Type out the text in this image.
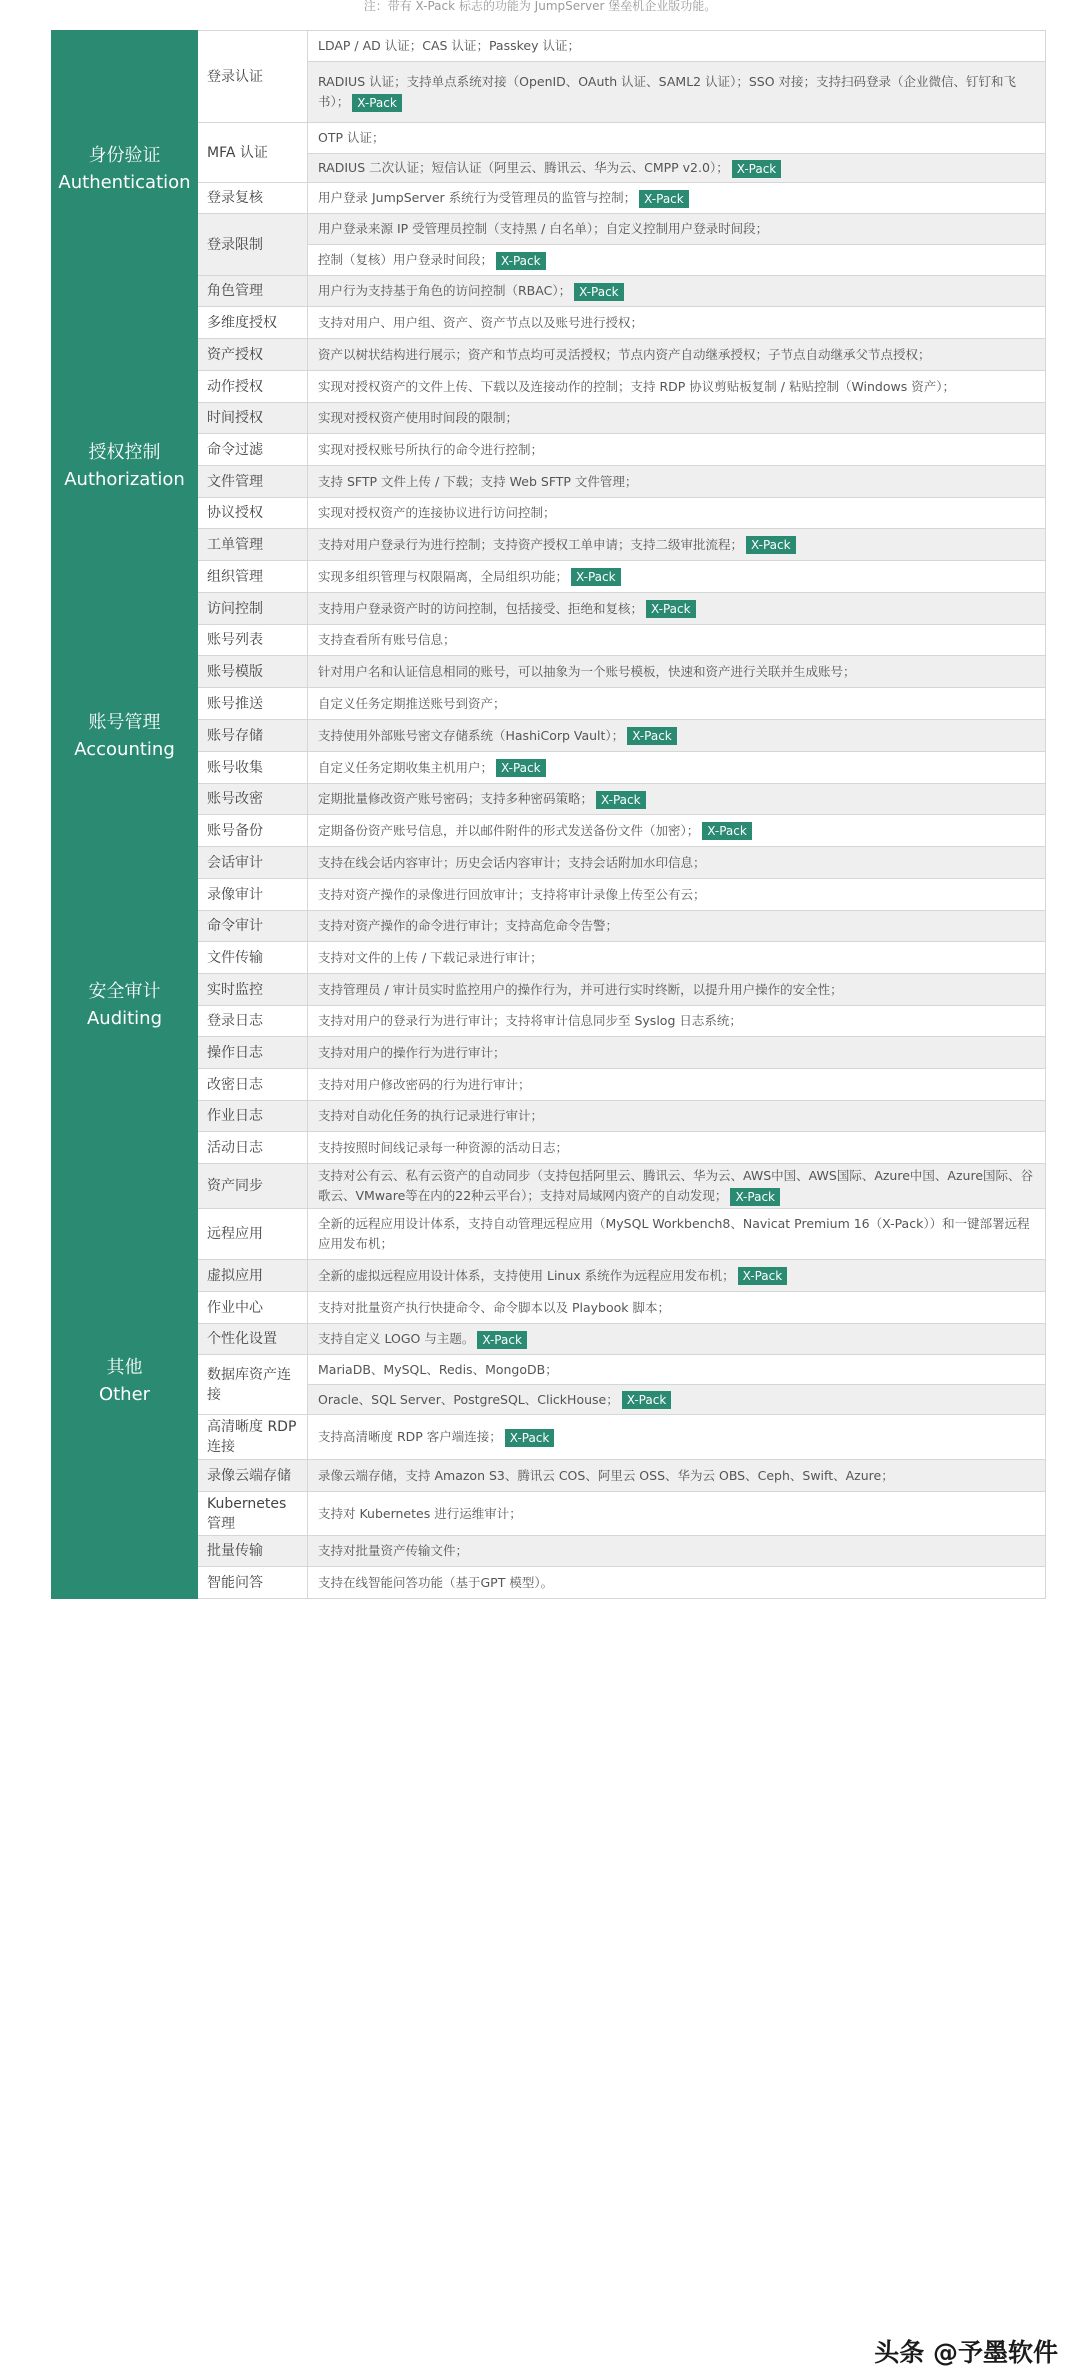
注：带有 X-Pack 标志的功能为 JumpServer 堡垒机企业版功能。
身份验证
Authentication	登录认证	LDAP / AD 认证；CAS 认证；Passkey 认证；
		RADIUS 认证；支持单点系统对接（OpenID、OAuth 认证、SAML2 认证）；SSO 对接；支持扫码登录（企业微信、钉钉和飞书）； X-Pack
	MFA 认证	OTP 认证；
		RADIUS 二次认证；短信认证（阿里云、腾讯云、华为云、CMPP v2.0）； X-Pack
	登录复核	用户登录 JumpServer 系统行为受管理员的监管与控制； X-Pack
	登录限制	用户登录来源 IP 受管理员控制（支持黑 / 白名单）；自定义控制用户登录时间段；
		控制（复核）用户登录时间段； X-Pack
	角色管理	用户行为支持基于角色的访问控制（RBAC）； X-Pack

授权控制
Authorization	多维度授权	支持对用户、用户组、资产、资产节点以及账号进行授权；
	资产授权	资产以树状结构进行展示；资产和节点均可灵活授权；节点内资产自动继承授权；子节点自动继承父节点授权；
	动作授权	实现对授权资产的文件上传、下载以及连接动作的控制；支持 RDP 协议剪贴板复制 / 粘贴控制（Windows 资产）；
	时间授权	实现对授权资产使用时间段的限制；
	命令过滤	实现对授权账号所执行的命令进行控制；
	文件管理	支持 SFTP 文件上传 / 下载；支持 Web SFTP 文件管理；
	协议授权	实现对授权资产的连接协议进行访问控制；
	工单管理	支持对用户登录行为进行控制；支持资产授权工单申请；支持二级审批流程； X-Pack
	组织管理	实现多组织管理与权限隔离，全局组织功能； X-Pack
	访问控制	支持用户登录资产时的访问控制，包括接受、拒绝和复核； X-Pack

账号管理
Accounting	账号列表	支持查看所有账号信息；
	账号模版	针对用户名和认证信息相同的账号，可以抽象为一个账号模板，快速和资产进行关联并生成账号；
	账号推送	自定义任务定期推送账号到资产；
	账号存储	支持使用外部账号密文存储系统（HashiCorp Vault）； X-Pack
	账号收集	自定义任务定期收集主机用户； X-Pack
	账号改密	定期批量修改资产账号密码；支持多种密码策略； X-Pack
	账号备份	定期备份资产账号信息，并以邮件附件的形式发送备份文件（加密）； X-Pack

安全审计
Auditing	会话审计	支持在线会话内容审计；历史会话内容审计；支持会话附加水印信息；
	录像审计	支持对资产操作的录像进行回放审计；支持将审计录像上传至公有云；
	命令审计	支持对资产操作的命令进行审计；支持高危命令告警；
	文件传输	支持对文件的上传 / 下载记录进行审计；
	实时监控	支持管理员 / 审计员实时监控用户的操作行为，并可进行实时终断，以提升用户操作的安全性；
	登录日志	支持对用户的登录行为进行审计；支持将审计信息同步至 Syslog 日志系统；
	操作日志	支持对用户的操作行为进行审计；
	改密日志	支持对用户修改密码的行为进行审计；
	作业日志	支持对自动化任务的执行记录进行审计；
	活动日志	支持按照时间线记录每一种资源的活动日志；

其他
Other	资产同步	支持对公有云、私有云资产的自动同步（支持包括阿里云、腾讯云、华为云、AWS中国、AWS国际、Azure中国、Azure国际、谷歌云、VMware等在内的22种云平台）；支持对局域网内资产的自动发现； X-Pack
	远程应用	全新的远程应用设计体系，支持自动管理远程应用（MySQL Workbench8、Navicat Premium 16（X-Pack））和一键部署远程应用发布机；
	虚拟应用	全新的虚拟远程应用设计体系，支持使用 Linux 系统作为远程应用发布机； X-Pack
	作业中心	支持对批量资产执行快捷命令、命令脚本以及 Playbook 脚本；
	个性化设置	支持自定义 LOGO 与主题。 X-Pack
	数据库资产连接	MariaDB、MySQL、Redis、MongoDB；
		Oracle、SQL Server、PostgreSQL、ClickHouse； X-Pack
	高清晰度 RDP 连接	支持高清晰度 RDP 客户端连接； X-Pack
	录像云端存储	录像云端存储，支持 Amazon S3、腾讯云 COS、阿里云 OSS、华为云 OBS、Ceph、Swift、Azure；
	Kubernetes管理	支持对 Kubernetes 进行运维审计；
	批量传输	支持对批量资产传输文件；
	智能问答	支持在线智能问答功能（基于GPT 模型）。
头条 @予墨软件
